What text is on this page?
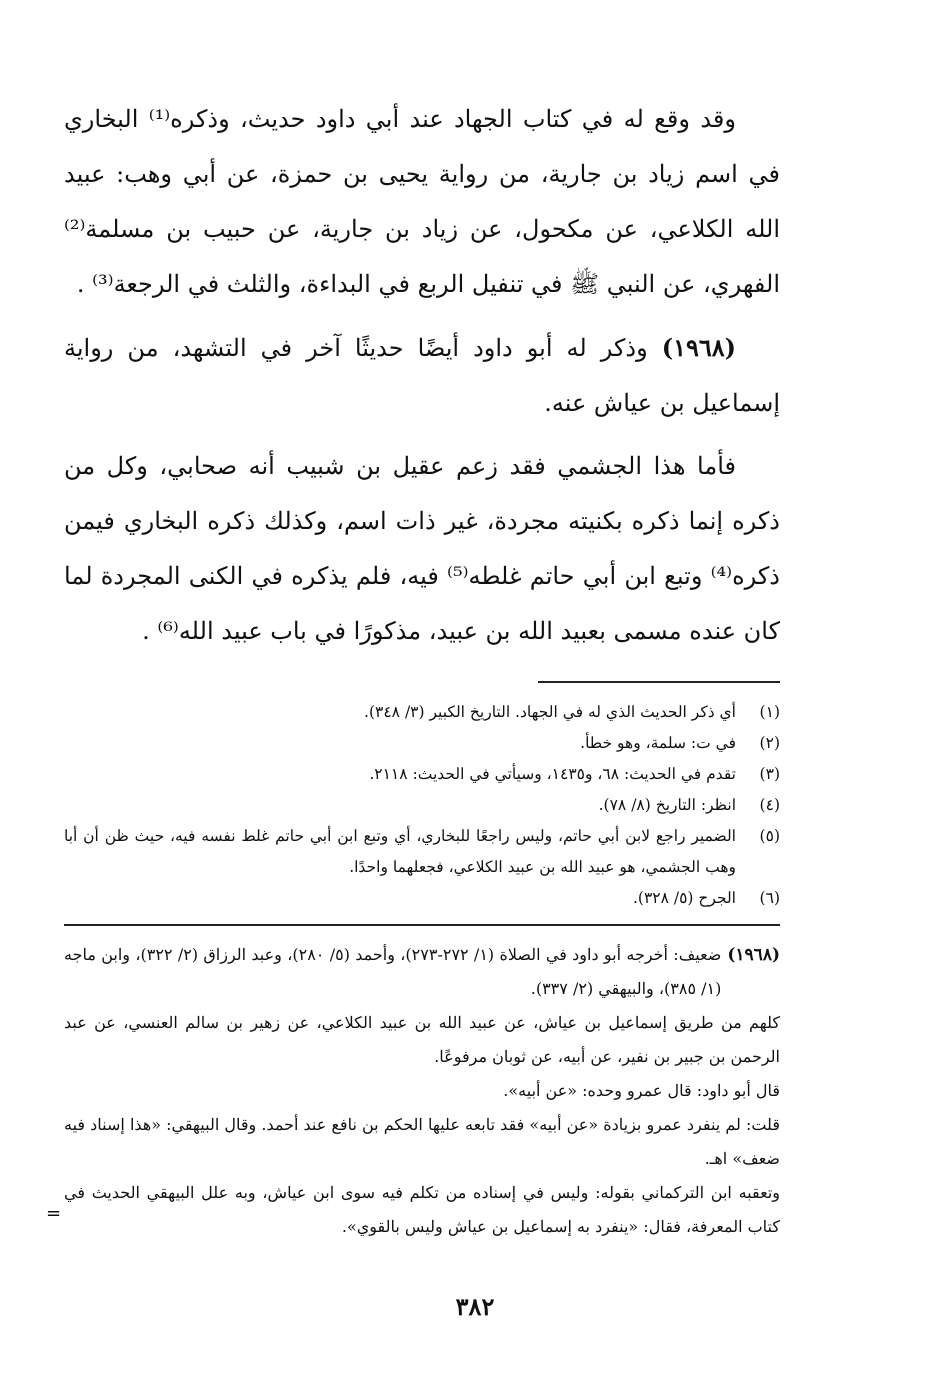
وقد وقع له في كتاب الجهاد عند أبي داود حديث، وذكره⁽¹⁾ البخاري في اسم زياد بن جارية، من رواية يحيى بن حمزة، عن أبي وهب: عبيد الله الكلاعي، عن مكحول، عن زياد بن جارية، عن حبيب بن مسلمة⁽²⁾ الفهري، عن النبي ﷺ في تنفيل الربع في البداءة، والثلث في الرجعة⁽³⁾ .

(١٩٦٨) وذكر له أبو داود أيضًا حديثًا آخر في التشهد، من رواية إسماعيل بن عياش عنه.

فأما هذا الجشمي فقد زعم عقيل بن شبيب أنه صحابي، وكل من ذكره إنما ذكره بكنيته مجردة، غير ذات اسم، وكذلك ذكره البخاري فيمن ذكره⁽⁴⁾ وتبع ابن أبي حاتم غلطه⁽⁵⁾ فيه، فلم يذكره في الكنى المجردة لما كان عنده مسمى بعبيد الله بن عبيد، مذكورًا في باب عبيد الله⁽⁶⁾ .

(١)
أي ذكر الحديث الذي له في الجهاد. التاريخ الكبير (٣/ ٣٤٨).
(٢)
في ت: سلمة، وهو خطأ.
(٣)
تقدم في الحديث: ٦٨، و١٤٣٥، وسيأتي في الحديث: ٢١١٨.
(٤)
انظر: التاريخ (٨/ ٧٨).
(٥)
الضمير راجع لابن أبي حاتم، وليس راجعًا للبخاري، أي وتبع ابن أبي حاتم غلط نفسه فيه، حيث ظن أن أبا وهب الجشمي، هو عبيد الله بن عبيد الكلاعي، فجعلهما واحدًا.
(٦)
الجرح (٥/ ٣٢٨).
(١٩٦٨)
ضعيف: أخرجه أبو داود في الصلاة (١/ ٢٧٢-٢٧٣)، وأحمد (٥/ ٢٨٠)، وعبد الرزاق (٢/ ٣٢٢)، وابن ماجه (١/ ٣٨٥)، والبيهقي (٢/ ٣٣٧).

كلهم من طريق إسماعيل بن عياش، عن عبيد الله بن عبيد الكلاعي، عن زهير بن سالم العنسي، عن عبد الرحمن بن جبير بن نفير، عن أبيه، عن ثوبان مرفوعًا.

قال أبو داود: قال عمرو وحده: «عن أبيه».

قلت: لم ينفرد عمرو بزيادة «عن أبيه» فقد تابعه عليها الحكم بن نافع عند أحمد. وقال البيهقي: «هذا إسناد فيه ضعف» اهـ.

وتعقبه ابن التركماني بقوله: وليس في إسناده من تكلم فيه سوى ابن عياش، وبه علل البيهقي الحديث في كتاب المعرفة، فقال: «ينفرد به إسماعيل بن عياش وليس بالقوي».

=
٣٨٢
